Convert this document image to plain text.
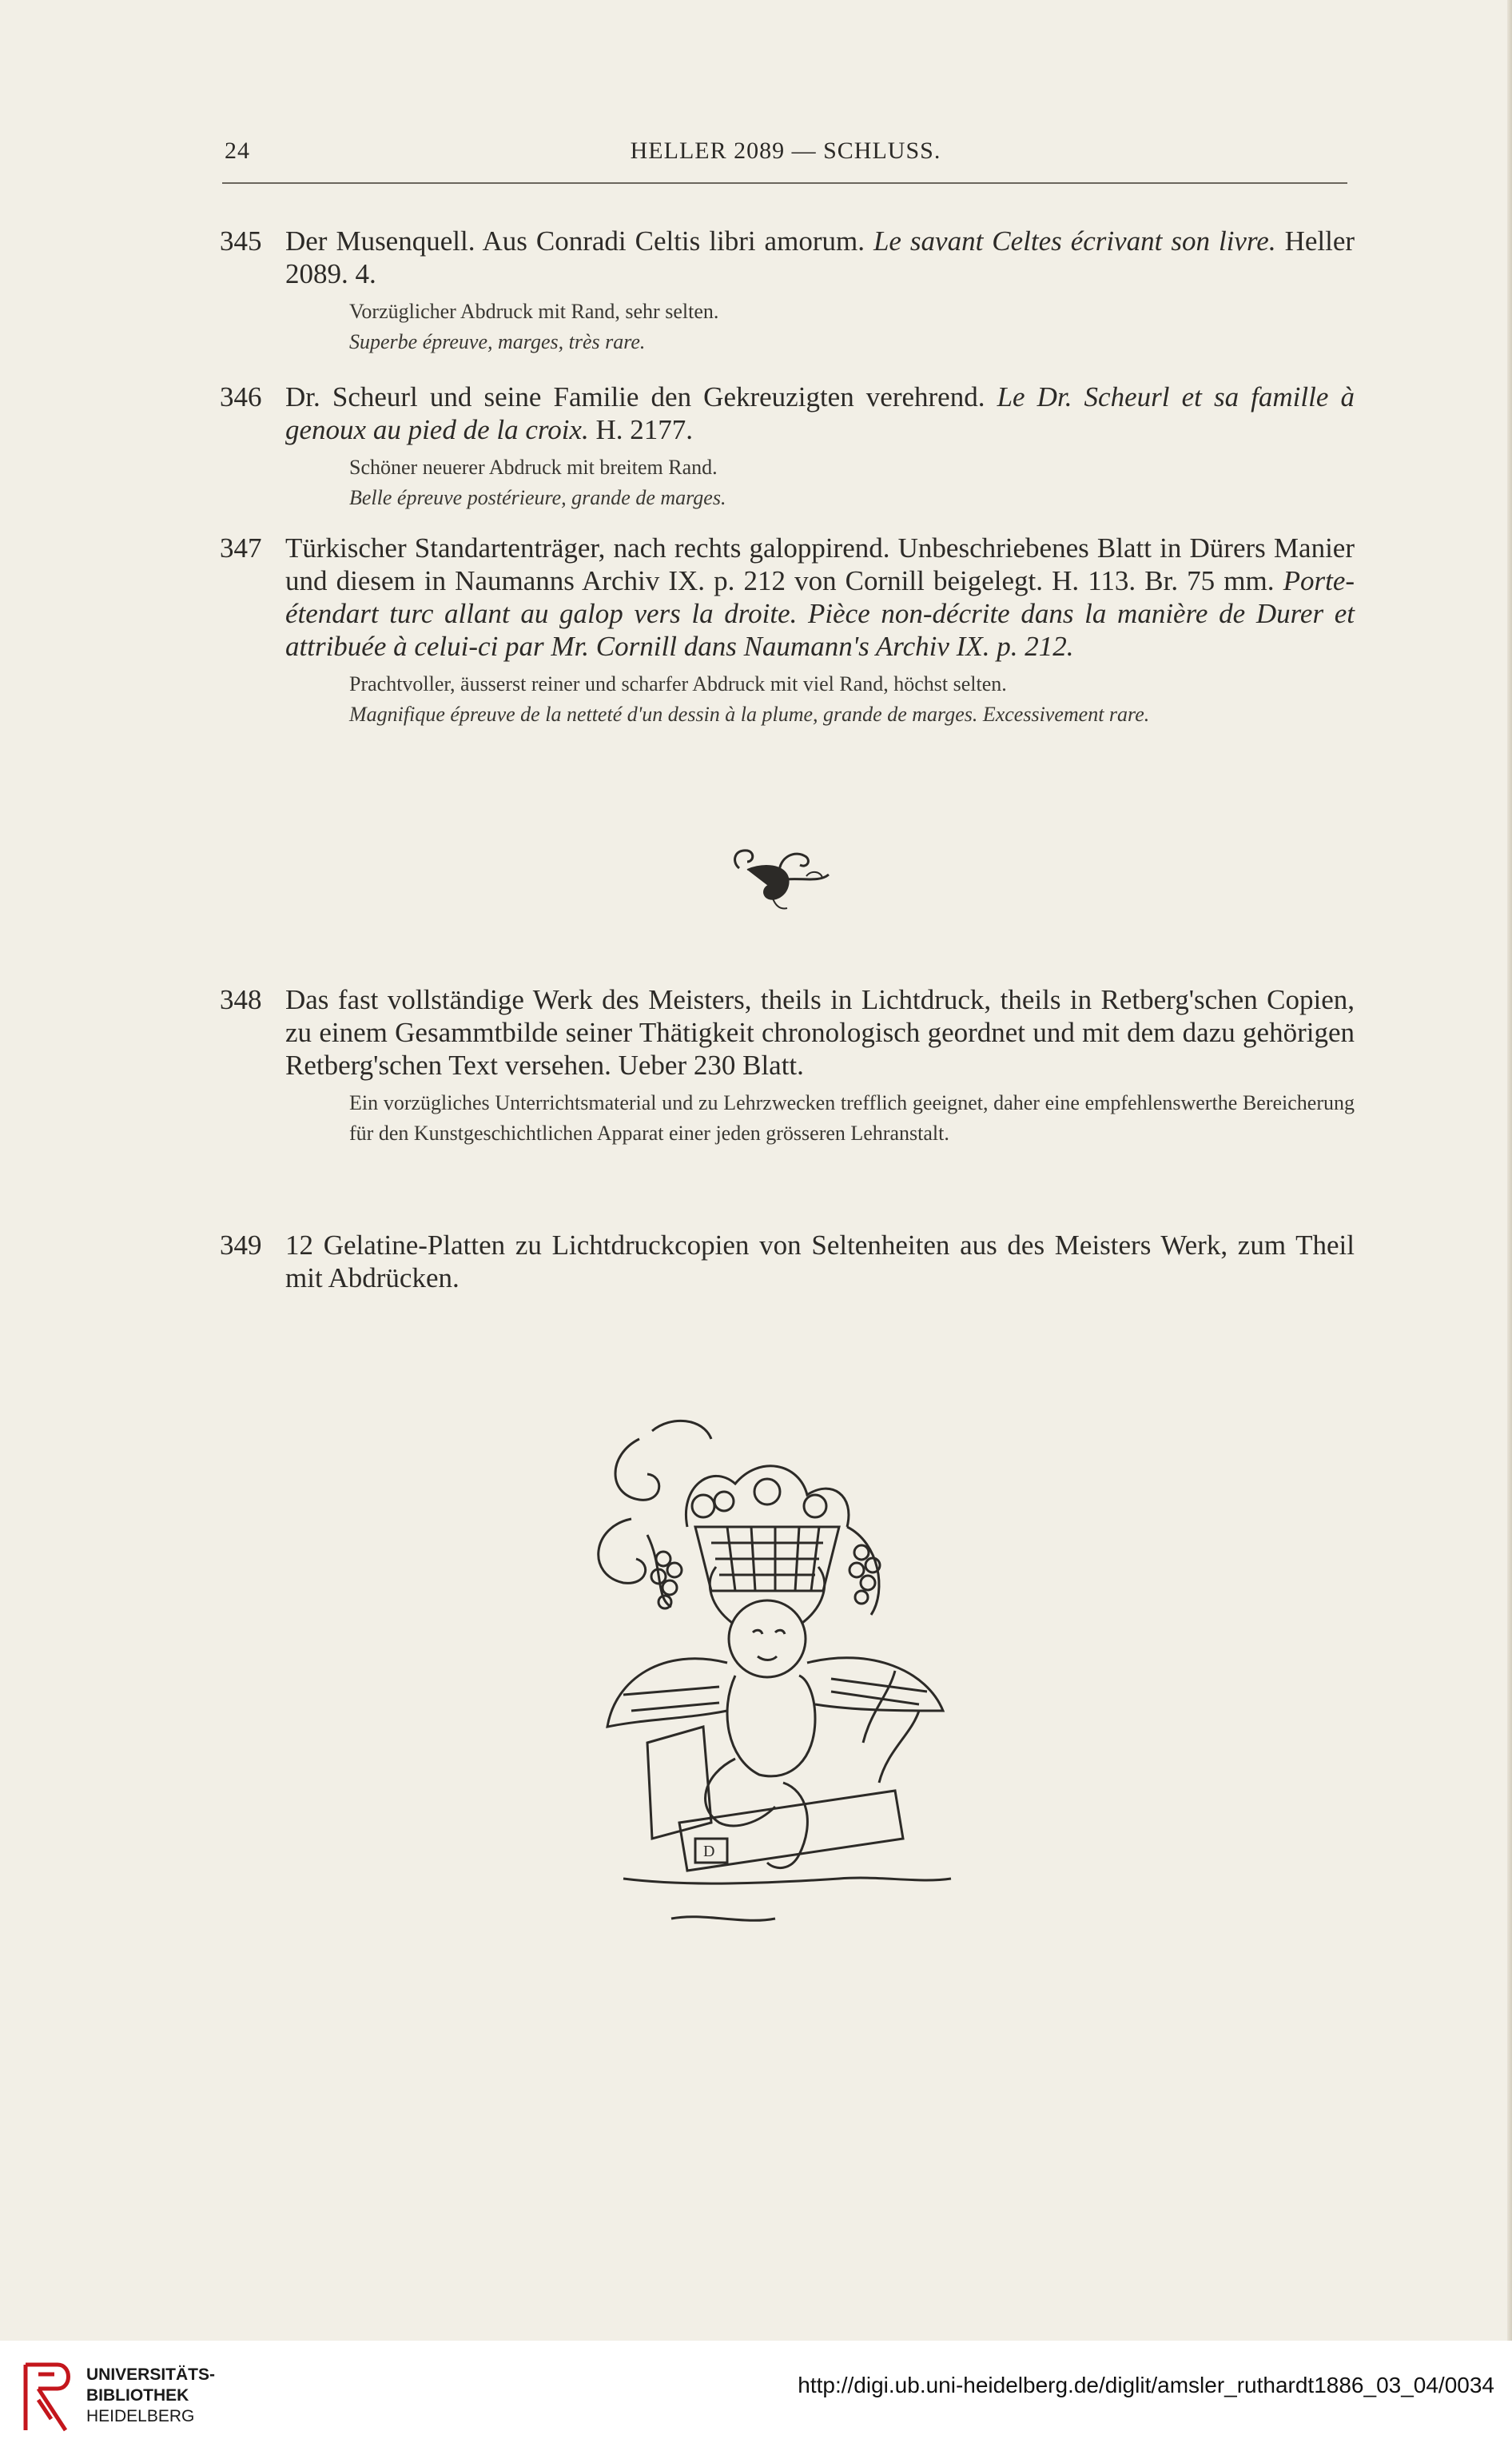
24	HELLER 2089 — SCHLUSS.
345 Der Musenquell. Aus Conradi Celtis libri amorum. Le savant Celtes écrivant son livre. Heller 2089. 4.

Vorzüglicher Abdruck mit Rand, sehr selten.

Superbe épreuve, marges, très rare.

346 Dr. Scheurl und seine Familie den Gekreuzigten verehrend. Le Dr. Scheurl et sa famille à genoux au pied de la croix. H. 2177.

Schöner neuerer Abdruck mit breitem Rand.

Belle épreuve postérieure, grande de marges.

347 Türkischer Standartenträger, nach rechts galoppirend. Unbeschriebenes Blatt in Dürers Manier und diesem in Naumanns Archiv IX. p. 212 von Cornill beigelegt. H. 113. Br. 75 mm. Porte-étendart turc allant au galop vers la droite. Pièce non-décrite dans la manière de Durer et attribuée à celui-ci par Mr. Cornill dans Naumann's Archiv IX. p. 212.

Prachtvoller, äusserst reiner und scharfer Abdruck mit viel Rand, höchst selten.

Magnifique épreuve de la netteté d'un dessin à la plume, grande de marges. Excessivement rare.

348 Das fast vollständige Werk des Meisters, theils in Lichtdruck, theils in Retberg'schen Copien, zu einem Gesammtbilde seiner Thätigkeit chronologisch geordnet und mit dem dazu gehörigen Retberg'schen Text versehen. Ueber 230 Blatt.

Ein vorzügliches Unterrichtsmaterial und zu Lehrzwecken trefflich geeignet, daher eine empfehlenswerthe Bereicherung für den Kunstgeschichtlichen Apparat einer jeden grösseren Lehranstalt.

349 12 Gelatine-Platten zu Lichtdruckcopien von Seltenheiten aus des Meisters Werk, zum Theil mit Abdrücken.

D
UNIVERSITÄTS-
BIBLIOTHEK
HEIDELBERG
http://digi.ub.uni-heidelberg.de/diglit/amsler_ruthardt1886_03_04/0034
